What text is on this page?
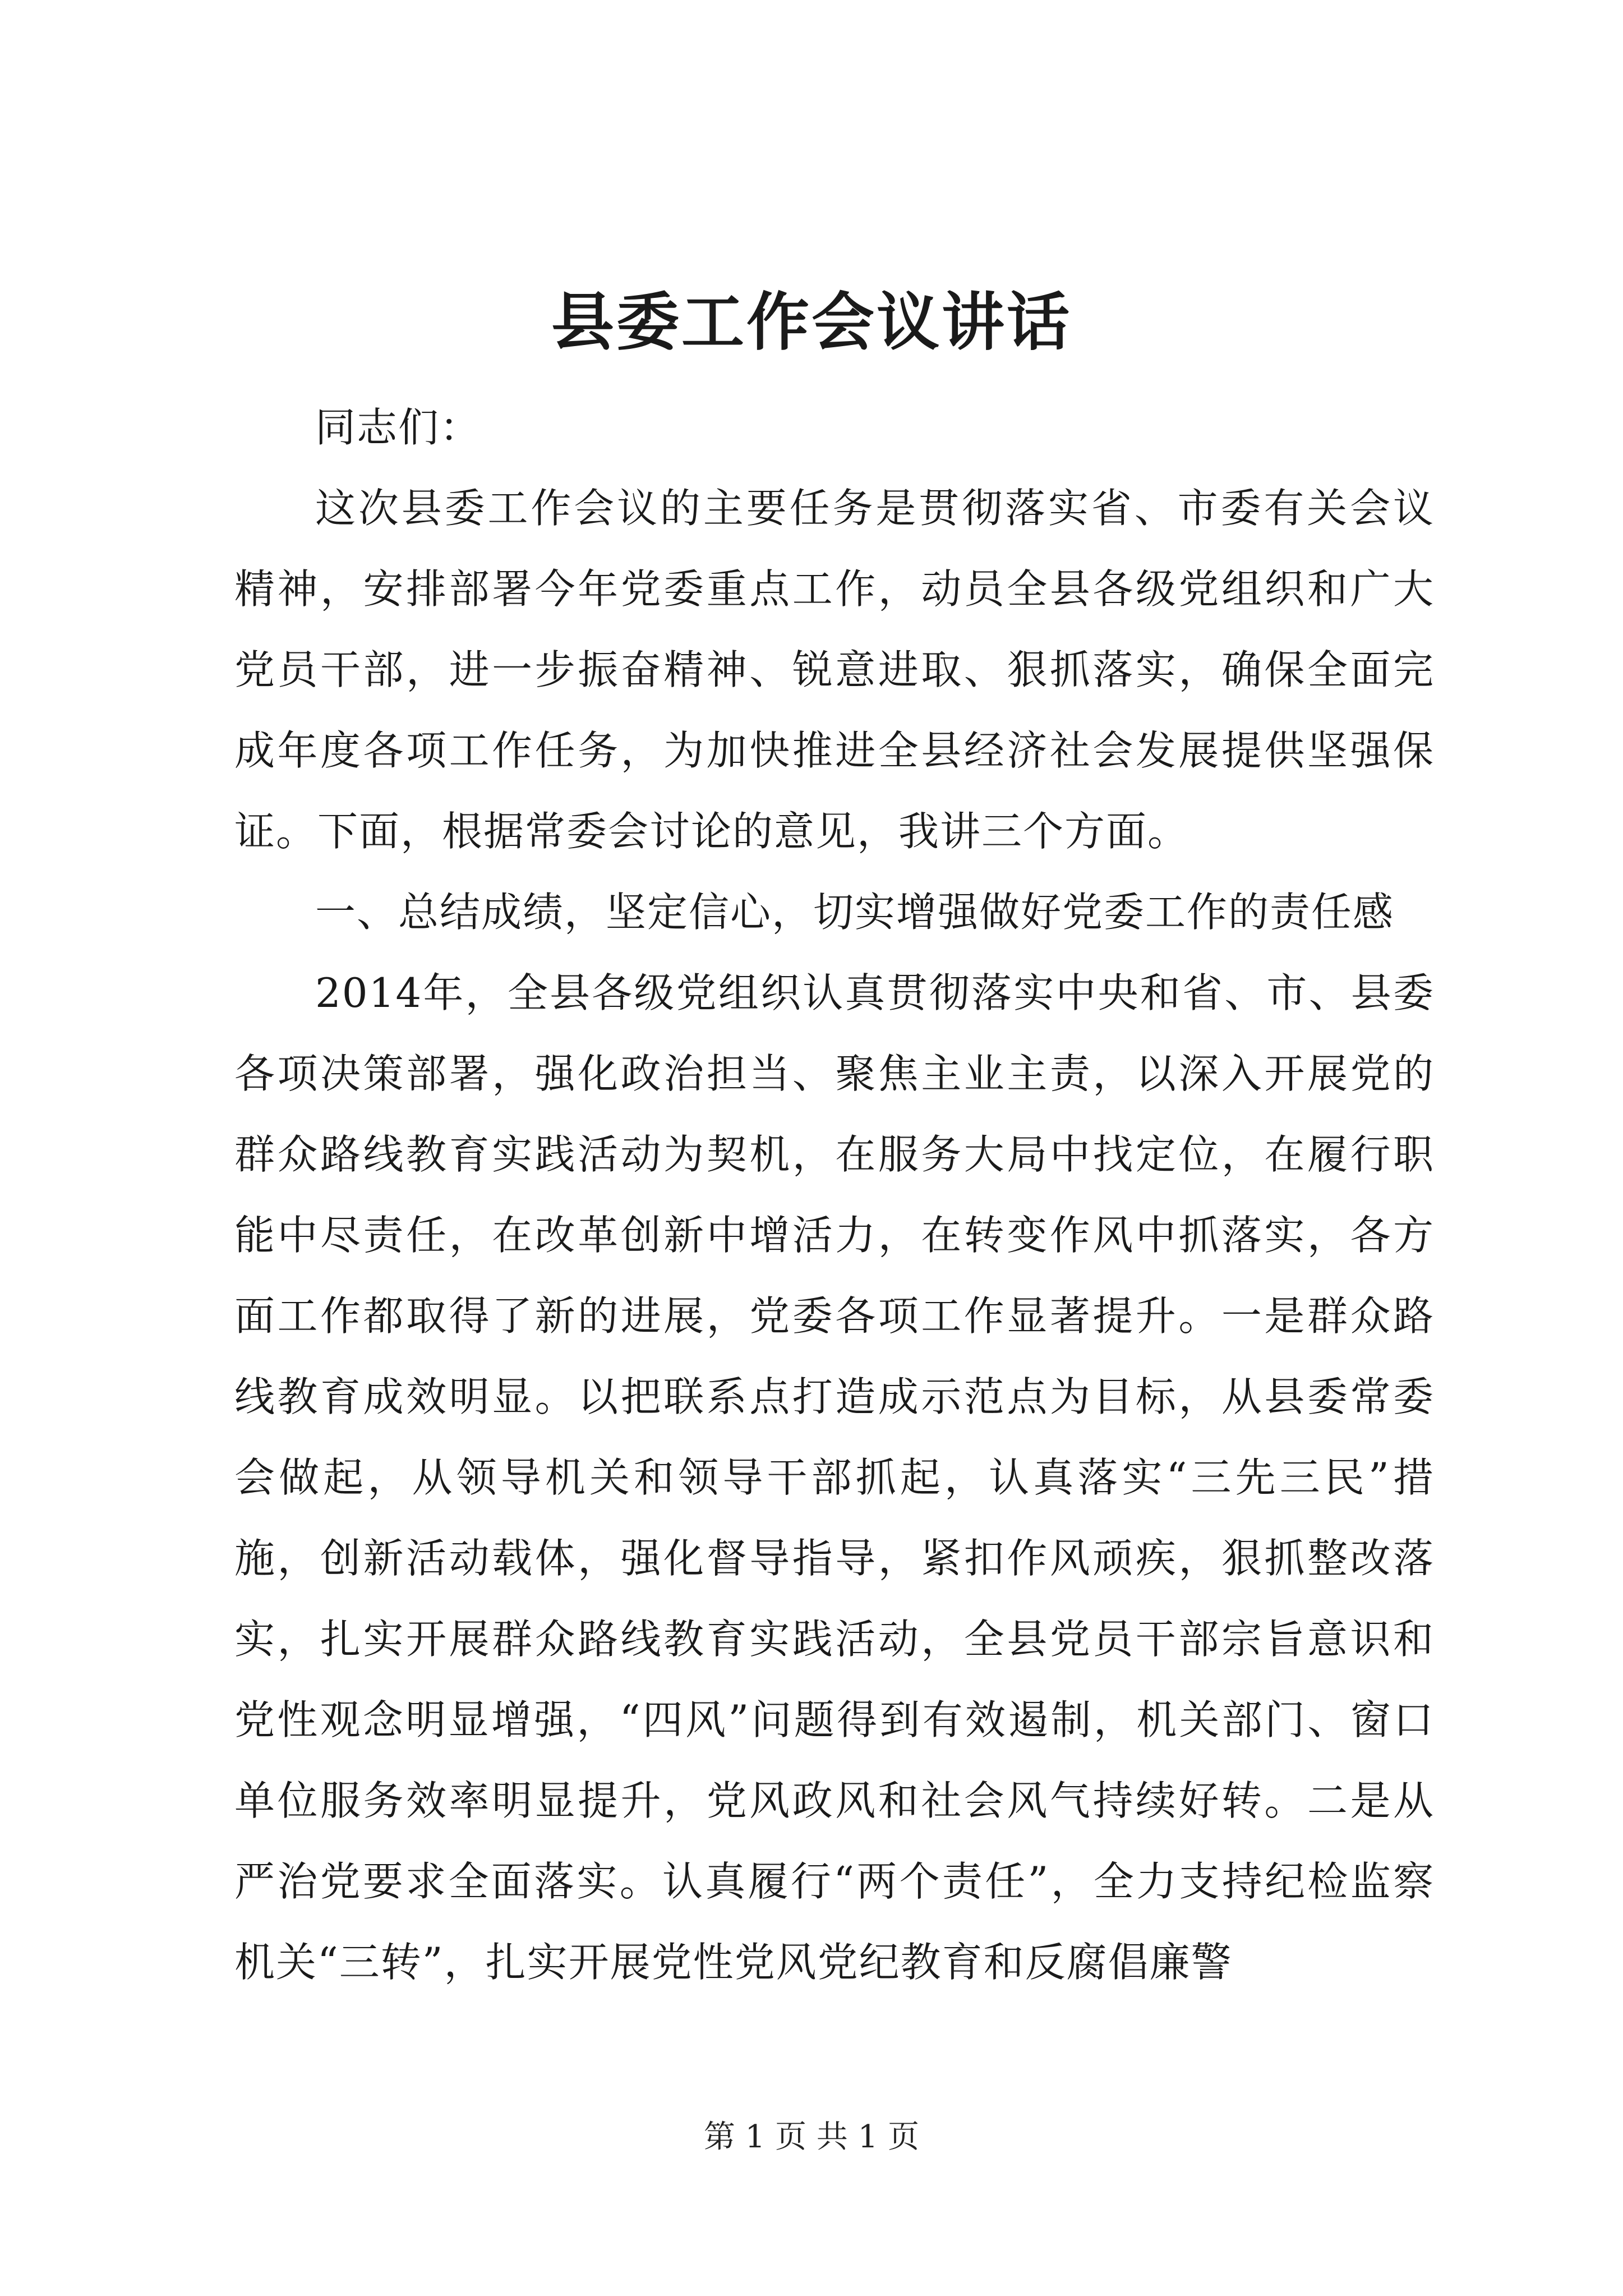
县委工作会议讲话

同志们：

这次县委工作会议的主要任务是贯彻落实省、市委有关会议精神，安排部署今年党委重点工作，动员全县各级党组织和广大党员干部，进一步振奋精神、锐意进取、狠抓落实，确保全面完成年度各项工作任务，为加快推进全县经济社会发展提供坚强保证。下面，根据常委会讨论的意见，我讲三个方面。

一、总结成绩，坚定信心，切实增强做好党委工作的责任感

2014年，全县各级党组织认真贯彻落实中央和省、市、县委各项决策部署，强化政治担当、聚焦主业主责，以深入开展党的群众路线教育实践活动为契机，在服务大局中找定位，在履行职能中尽责任，在改革创新中增活力，在转变作风中抓落实，各方面工作都取得了新的进展，党委各项工作显著提升。一是群众路线教育成效明显。以把联系点打造成示范点为目标，从县委常委会做起，从领导机关和领导干部抓起，认真落实“三先三民”措施，创新活动载体，强化督导指导，紧扣作风顽疾，狠抓整改落实，扎实开展群众路线教育实践活动，全县党员干部宗旨意识和党性观念明显增强，“四风”问题得到有效遏制，机关部门、窗口单位服务效率明显提升，党风政风和社会风气持续好转。二是从严治党要求全面落实。认真履行“两个责任”，全力支持纪检监察机关“三转”，扎实开展党性党风党纪教育和反腐倡廉警

第 1 页 共 1 页
